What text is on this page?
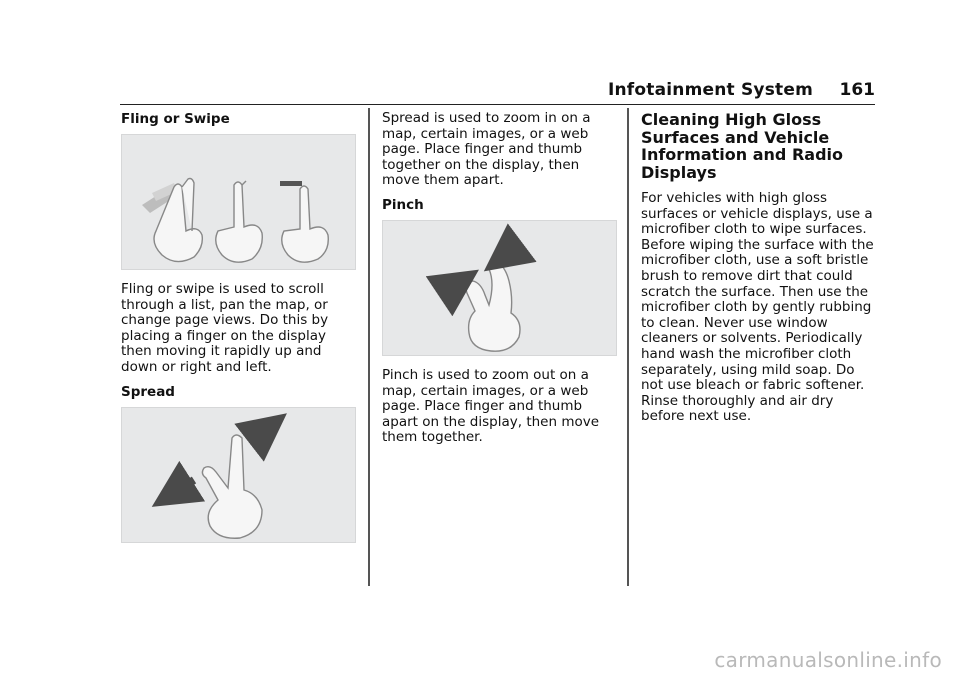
Infotainment System 161
Fling or Swipe
Fling or swipe is used to scroll through a list, pan the map, or change page views. Do this by placing a finger on the display then moving it rapidly up and down or right and left.
Spread
Spread is used to zoom in on a map, certain images, or a web page. Place finger and thumb together on the display, then move them apart.
Pinch
Pinch is used to zoom out on a map, certain images, or a web page. Place finger and thumb apart on the display, then move them together.
Cleaning High Gloss Surfaces and Vehicle Information and Radio Displays
For vehicles with high gloss surfaces or vehicle displays, use a microfiber cloth to wipe surfaces. Before wiping the surface with the microfiber cloth, use a soft bristle brush to remove dirt that could scratch the surface. Then use the microfiber cloth by gently rubbing to clean. Never use window cleaners or solvents. Periodically hand wash the microfiber cloth separately, using mild soap. Do not use bleach or fabric softener. Rinse thoroughly and air dry before next use.
carmanualsonline.info
